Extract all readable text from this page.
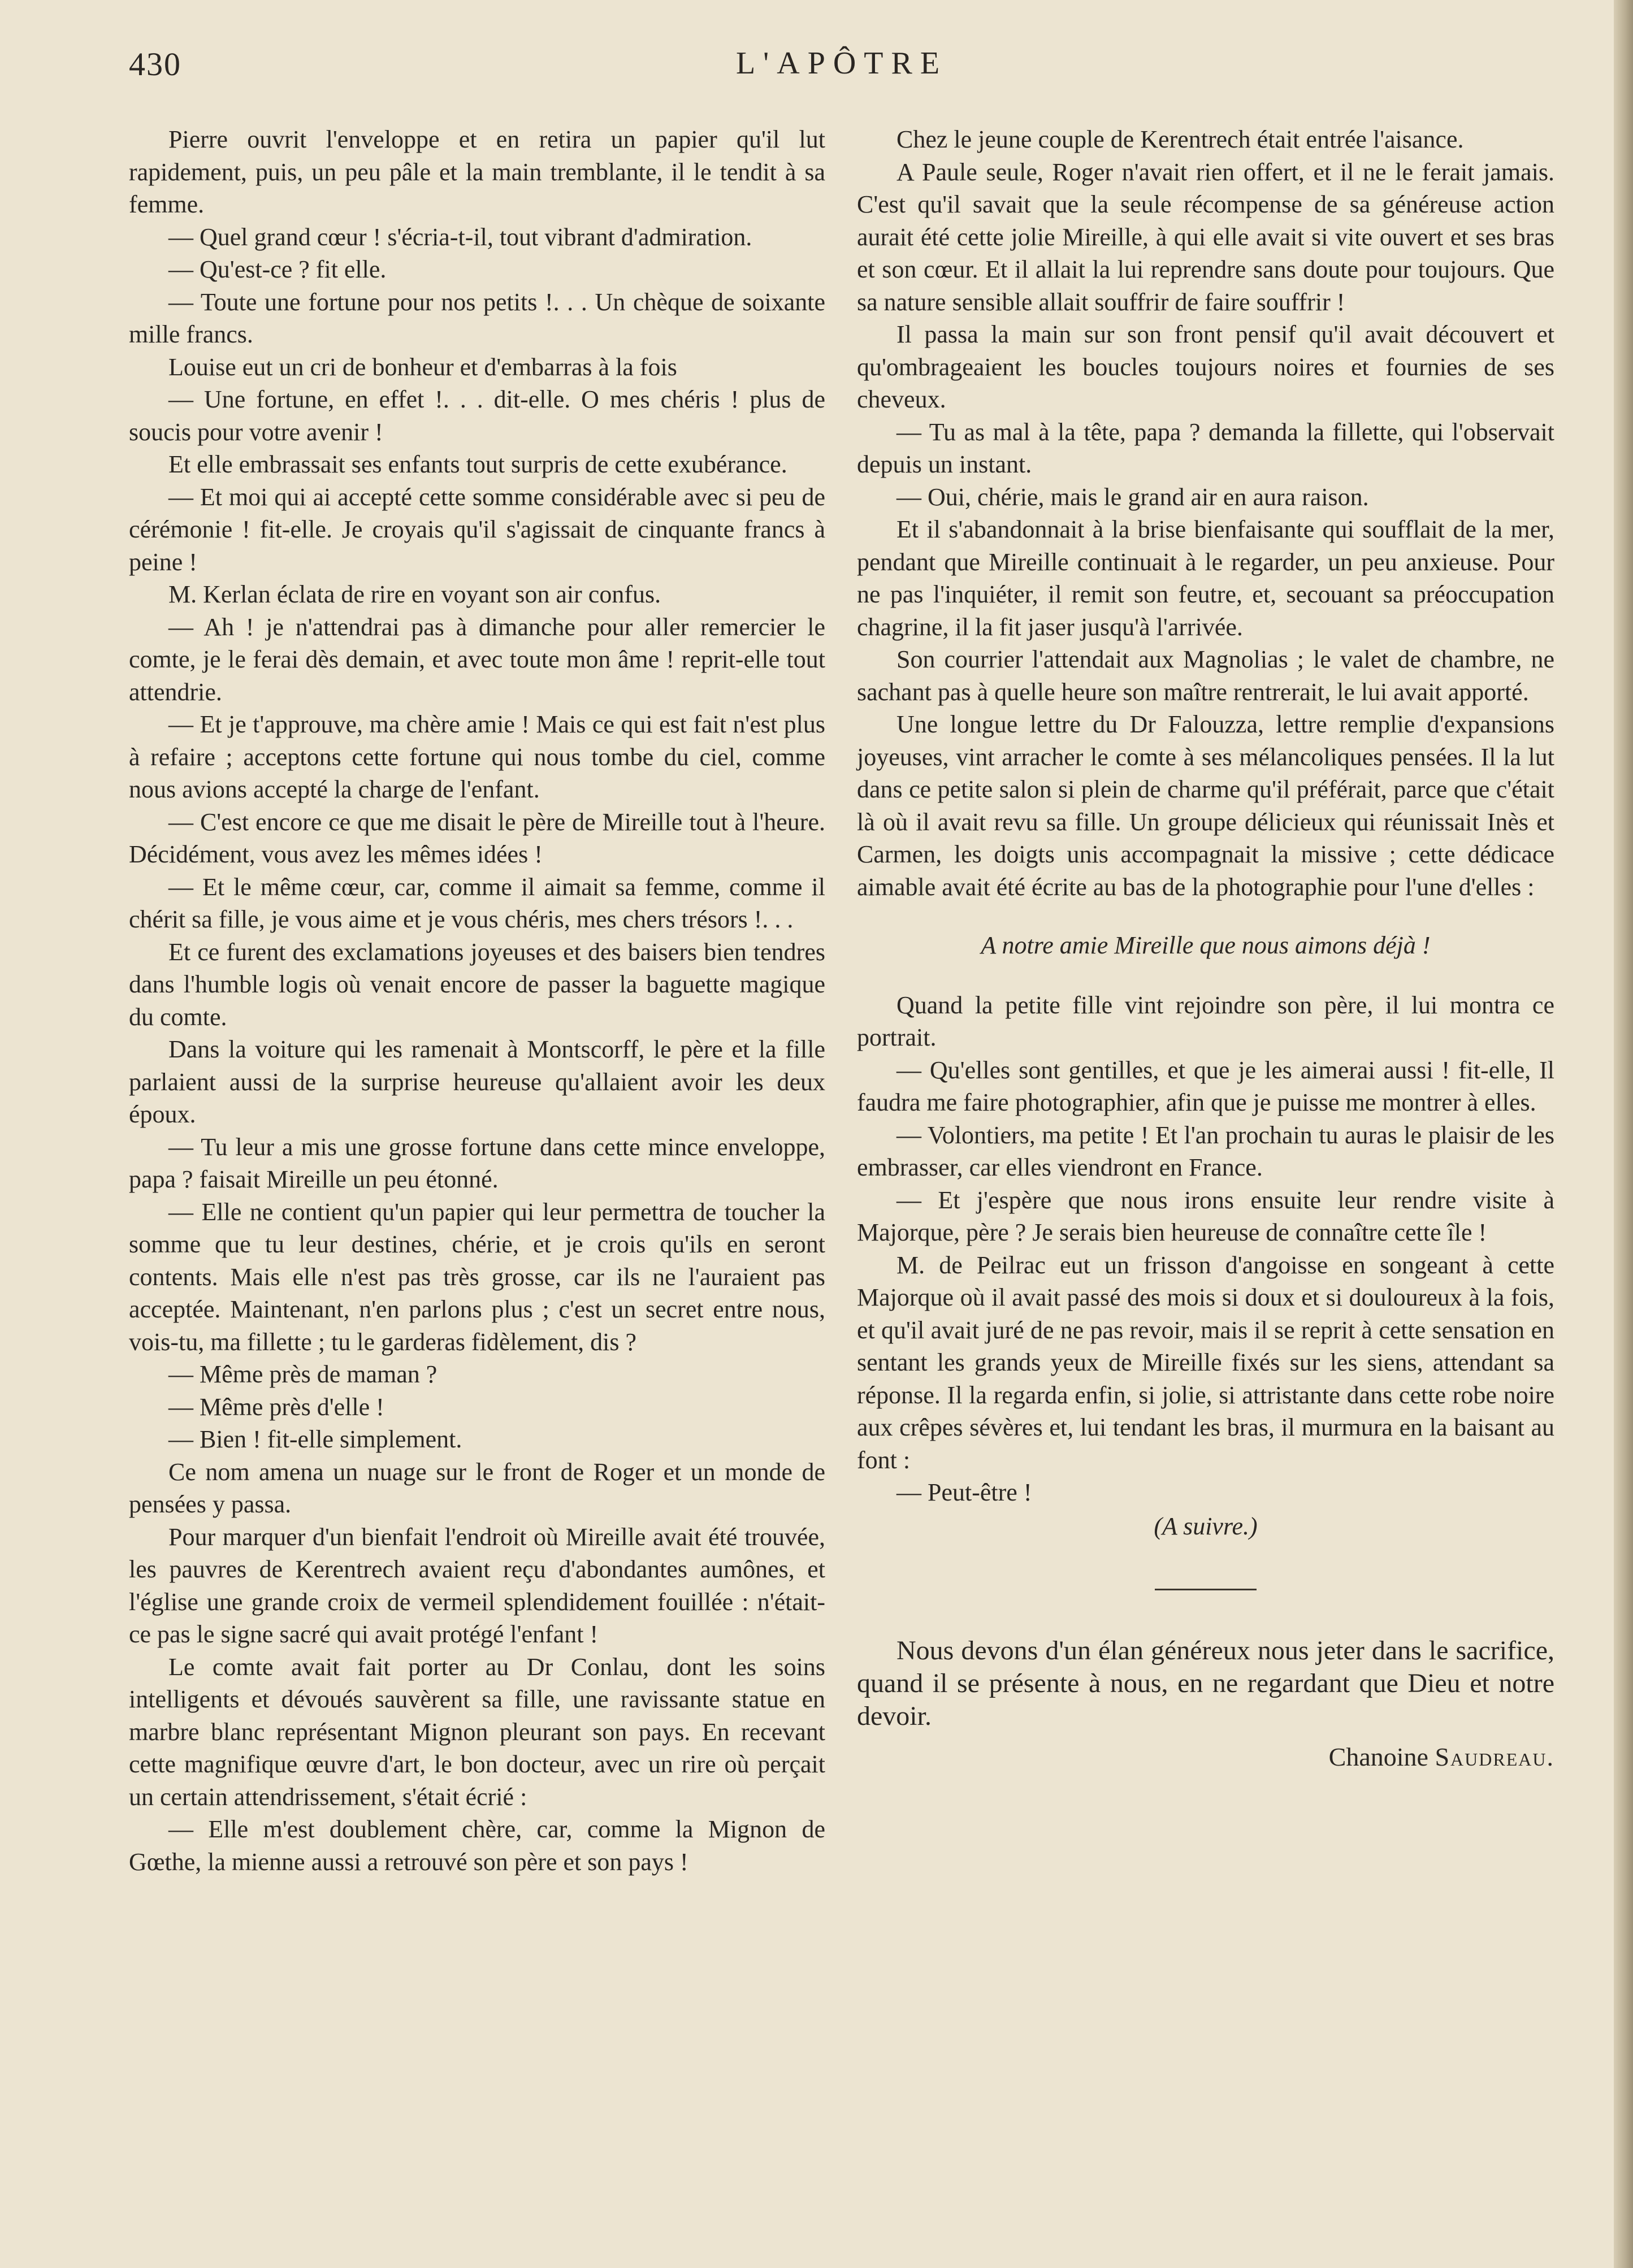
430	L'APÔTRE

Pierre ouvrit l'enveloppe et en retira un papier qu'il lut rapidement, puis, un peu pâle et la main tremblante, il le tendit à sa femme.

— Quel grand cœur ! s'écria-t-il, tout vibrant d'admiration.

— Qu'est-ce ? fit elle.

— Toute une fortune pour nos petits !. . . Un chèque de soixante mille francs.

Louise eut un cri de bonheur et d'embarras à la fois

— Une fortune, en effet !. . . dit-elle. O mes chéris ! plus de soucis pour votre avenir !

Et elle embrassait ses enfants tout surpris de cette exubérance.

— Et moi qui ai accepté cette somme considérable avec si peu de cérémonie ! fit-elle. Je croyais qu'il s'agissait de cinquante francs à peine !

M. Kerlan éclata de rire en voyant son air confus.

— Ah ! je n'attendrai pas à dimanche pour aller remercier le comte, je le ferai dès demain, et avec toute mon âme ! reprit-elle tout attendrie.

— Et je t'approuve, ma chère amie ! Mais ce qui est fait n'est plus à refaire ; acceptons cette fortune qui nous tombe du ciel, comme nous avions accepté la charge de l'enfant.

— C'est encore ce que me disait le père de Mireille tout à l'heure. Décidément, vous avez les mêmes idées !

— Et le même cœur, car, comme il aimait sa femme, comme il chérit sa fille, je vous aime et je vous chéris, mes chers trésors !. . .

Et ce furent des exclamations joyeuses et des baisers bien tendres dans l'humble logis où venait encore de passer la baguette magique du comte.

Dans la voiture qui les ramenait à Montscorff, le père et la fille parlaient aussi de la surprise heureuse qu'allaient avoir les deux époux.

— Tu leur a mis une grosse fortune dans cette mince enveloppe, papa ? faisait Mireille un peu étonné.

— Elle ne contient qu'un papier qui leur permettra de toucher la somme que tu leur destines, chérie, et je crois qu'ils en seront contents. Mais elle n'est pas très grosse, car ils ne l'auraient pas acceptée. Maintenant, n'en parlons plus ; c'est un secret entre nous, vois-tu, ma fillette ; tu le garderas fidèlement, dis ?

— Même près de maman ?

— Même près d'elle !

— Bien ! fit-elle simplement.

Ce nom amena un nuage sur le front de Roger et un monde de pensées y passa.

Pour marquer d'un bienfait l'endroit où Mireille avait été trouvée, les pauvres de Kerentrech avaient reçu d'abondantes aumônes, et l'église une grande croix de vermeil splendidement fouillée : n'était-ce pas le signe sacré qui avait protégé l'enfant !

Le comte avait fait porter au Dr Conlau, dont les soins intelligents et dévoués sauvèrent sa fille, une ravissante statue en marbre blanc représentant Mignon pleurant son pays. En recevant cette magnifique œuvre d'art, le bon docteur, avec un rire où perçait un certain attendrissement, s'était écrié :

— Elle m'est doublement chère, car, comme la Mignon de Gœthe, la mienne aussi a retrouvé son père et son pays !

Chez le jeune couple de Kerentrech était entrée l'aisance.

A Paule seule, Roger n'avait rien offert, et il ne le ferait jamais. C'est qu'il savait que la seule récompense de sa généreuse action aurait été cette jolie Mireille, à qui elle avait si vite ouvert et ses bras et son cœur. Et il allait la lui reprendre sans doute pour toujours. Que sa nature sensible allait souffrir de faire souffrir !

Il passa la main sur son front pensif qu'il avait découvert et qu'ombrageaient les boucles toujours noires et fournies de ses cheveux.

— Tu as mal à la tête, papa ? demanda la fillette, qui l'observait depuis un instant.

— Oui, chérie, mais le grand air en aura raison.

Et il s'abandonnait à la brise bienfaisante qui soufflait de la mer, pendant que Mireille continuait à le regarder, un peu anxieuse. Pour ne pas l'inquiéter, il remit son feutre, et, secouant sa préoccupation chagrine, il la fit jaser jusqu'à l'arrivée.

Son courrier l'attendait aux Magnolias ; le valet de chambre, ne sachant pas à quelle heure son maître rentrerait, le lui avait apporté.

Une longue lettre du Dr Falouzza, lettre remplie d'expansions joyeuses, vint arracher le comte à ses mélancoliques pensées. Il la lut dans ce petite salon si plein de charme qu'il préférait, parce que c'était là où il avait revu sa fille. Un groupe délicieux qui réunissait Inès et Carmen, les doigts unis accompagnait la missive ; cette dédicace aimable avait été écrite au bas de la photographie pour l'une d'elles :

A notre amie Mireille que nous aimons déjà !

Quand la petite fille vint rejoindre son père, il lui montra ce portrait.

— Qu'elles sont gentilles, et que je les aimerai aussi ! fit-elle, Il faudra me faire photographier, afin que je puisse me montrer à elles.

— Volontiers, ma petite ! Et l'an prochain tu auras le plaisir de les embrasser, car elles viendront en France.

— Et j'espère que nous irons ensuite leur rendre visite à Majorque, père ? Je serais bien heureuse de connaître cette île !

M. de Peilrac eut un frisson d'angoisse en songeant à cette Majorque où il avait passé des mois si doux et si douloureux à la fois, et qu'il avait juré de ne pas revoir, mais il se reprit à cette sensation en sentant les grands yeux de Mireille fixés sur les siens, attendant sa réponse. Il la regarda enfin, si jolie, si attristante dans cette robe noire aux crêpes sévères et, lui tendant les bras, il murmura en la baisant au font :

— Peut-être !

(A suivre.)

Nous devons d'un élan généreux nous jeter dans le sacrifice, quand il se présente à nous, en ne regardant que Dieu et notre devoir.

Chanoine Saudreau.
